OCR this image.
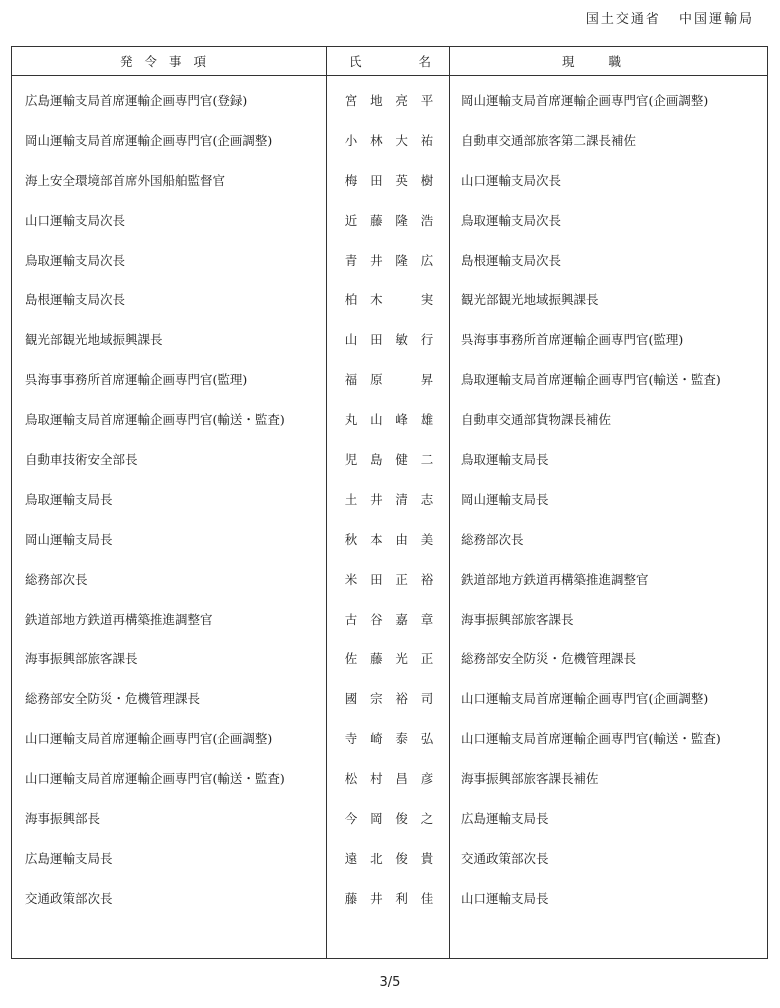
国土交通省 中国運輸局
発令事項	氏 名	現職
広島運輸支局首席運輸企画専門官(登録)	宮 地 亮 平	岡山運輸支局首席運輸企画専門官(企画調整)
岡山運輸支局首席運輸企画専門官(企画調整)	小 林 大 祐	自動車交通部旅客第二課長補佐
海上安全環境部首席外国船舶監督官	梅 田 英 樹	山口運輸支局次長
山口運輸支局次長	近 藤 隆 浩	鳥取運輸支局次長
鳥取運輸支局次長	青 井 隆 広	島根運輸支局次長
島根運輸支局次長	柏 木 実	観光部観光地域振興課長
観光部観光地域振興課長	山 田 敏 行	呉海事事務所首席運輸企画専門官(監理)
呉海事事務所首席運輸企画専門官(監理)	福 原 昇	鳥取運輸支局首席運輸企画専門官(輸送・監査)
鳥取運輸支局首席運輸企画専門官(輸送・監査)	丸 山 峰 雄	自動車交通部貨物課長補佐
自動車技術安全部長	児 島 健 二	鳥取運輸支局長
鳥取運輸支局長	土 井 清 志	岡山運輸支局長
岡山運輸支局長	秋 本 由 美	総務部次長
総務部次長	米 田 正 裕	鉄道部地方鉄道再構築推進調整官
鉄道部地方鉄道再構築推進調整官	古 谷 嘉 章	海事振興部旅客課長
海事振興部旅客課長	佐 藤 光 正	総務部安全防災・危機管理課長
総務部安全防災・危機管理課長	國 宗 裕 司	山口運輸支局首席運輸企画専門官(企画調整)
山口運輸支局首席運輸企画専門官(企画調整)	寺 崎 泰 弘	山口運輸支局首席運輸企画専門官(輸送・監査)
山口運輸支局首席運輸企画専門官(輸送・監査)	松 村 昌 彦	海事振興部旅客課長補佐
海事振興部長	今 岡 俊 之	広島運輸支局長
広島運輸支局長	遠 北 俊 貴	交通政策部次長
交通政策部次長	藤 井 利 佳	山口運輸支局長

3/5
